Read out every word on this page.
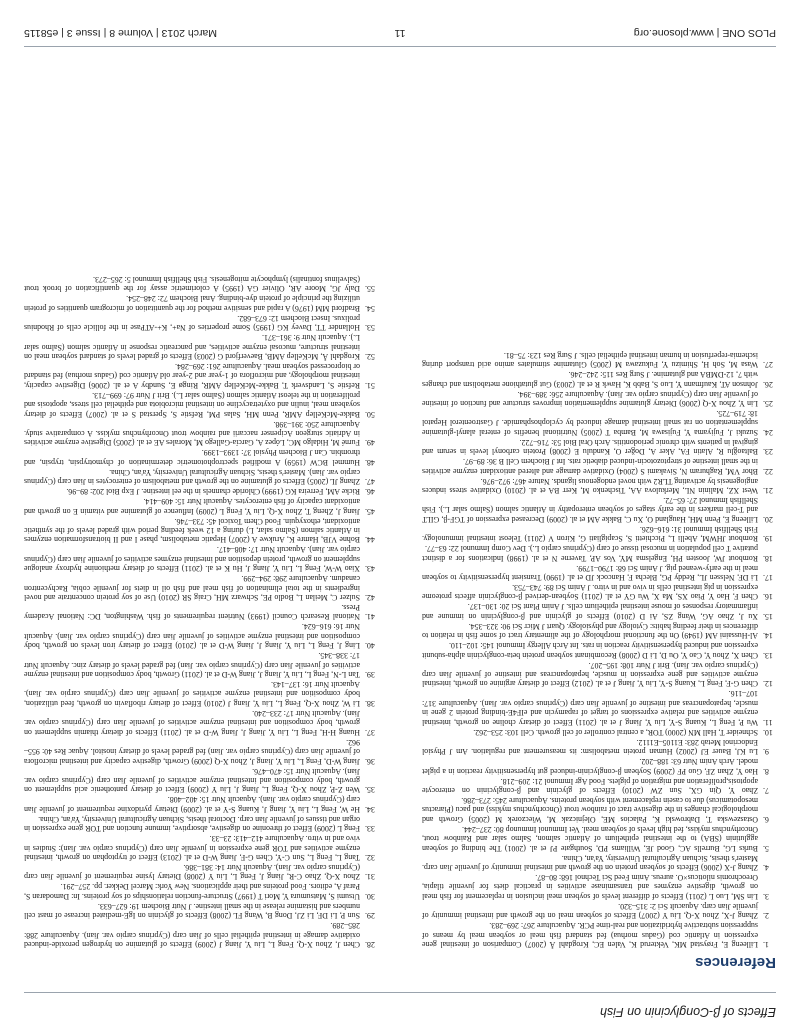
Effects of β-Conglycinin on Fish
References
1.
Lilleeng E, Frøystad MK, Vekterud K, Valen EC, Krogdahl Å (2007) Comparison of intestinal gene expression in Atlantic cod (Gadus morhua) fed standard fish meal or soybean meal by means of suppression subtractive hybridization and real-time PCR. Aquaculture 267: 269–283.
2.
Zhang J-X, Zhou X-Q, Liu Y (2007) Effects of soybean meal on the growth and intestinal immunity of juvenile Jian carp. Aquacult Sci 2: 315–320.
3.
Lin SM, Luo L (2011) Effects of different levels of soybean meal inclusion in replacement for fish meal on growth, digestive enzymes and transaminase activities in practical diets for juvenile tilapia, Oreochromis niloticus×O. aureus. Anim Feed Sci Technol 168: 80–87.
4.
Zhang J-X (2006) Effects of soybean protein on the growth and intestinal immunity of juvenile Jian carp. Master's thesis, Sichuan Agricultural University, Ya'an, China.
5.
Burks LG, Burrells AC, Good JE, Williams PD, Southgate PJ et al. (2001) The binding of soybean agglutinin (SBA) to the intestinal epithelium of Atlantic salmon, Salmo salar and Rainbow trout, Oncorhynchus mykiss, fed high levels of soybean meal. Vet Immunol Immunop 80: 237–244.
6.
Ostaszewska T, Dabrowski K, Palacios ME, Olejniczak M, Wieczorek M (2005) Growth and morphological changes in the digestive tract of rainbow trout (Oncorhynchus mykiss) and pacu (Piaractus mesopotamicus) due to casein replacement with soybean proteins. Aquaculture 245: 273–286.
7.
Zhao Y, Qin GX, Sun ZW (2010) Effects of glycinin and β-conglycinin on enterocyte apoptosis,proliferation and migration of piglets. Food Agr Immunol 21: 209–218.
8.
Hao Y, Zhan ZF, Guo PF (2009) Soybean β-conglycinin-induced gut hypersensitivity reaction in a piglet model. Arch Anim Nutr 63: 188–202.
9.
Lu KJ, Bauer EJ (2002) Human protein metabolism: its measurement and regulation. Am J Physiol Endocrinol Metab 283: E1105–E1112.
10.
Schneider T, Hall MN (2000) TOR, a central controller of cell growth. Cell 103: 253–262.
11.
Wu P, Feng L, Kuang S-Y, Liu Y, Jiang J et al. (2011) Effect of dietary choline on growth, intestinal enzyme activities and relative expressions of target of rapamycin and eIF4E-binding protein 2 gene in muscle, hepatopancreas and intestine of juvenile Jian carp (Cyprinus carpio var. Jian). Aquaculture 317: 107–116.
12.
Chen G-F, Feng L, Kuang S-Y, Liu Y, Jiang J et al. (2012) Effect of dietary arginine on growth, intestinal enzyme activities and gene expression in muscle, hepatopancreas and intestine of juvenile Jian carp (Cyprinus carpio var. Jian). Brit J Nutr 108: 195–207.
13.
Chen X, Zhou Y, Cao Y, Ou D, Li D (2008) Recombinant soybean protein beta-conglycinin alpha-subunit expression and induced hypersensitivity reaction in rats. Int Arch Allergy Immunol 145: 102–110.
14.
Al-Hussaini AM (1949) On the functional morphology of the alimentary tract of some fish in relation to differences in their feeding habits: Cytology and physiology. Quart J Micr Sci 90: 323–354.
15.
Xu J, Zhao AG, Wang ZS, Ai D (2010) Effects of glycinin and β-conglycinin on immune and inflammatory responses of mouse intestinal epithelium cells. J Anim Plant Sci 20: 130–137.
16.
Chen F, Hao Y, Piao XS, Ma X, Wu GY et al. (2011) Soybean-derived β-conglycinin affects proteome expression in pig intestinal cells in vivo and in vitro. J Anim Sci 89: 743–753.
17.
Li DF, Nelssen JL, Reddy PG, Blecha F, Hancock JD et al. (1990) Transient hypersensitivity to soybean meal in the early-weaned pig. J Anim Sci 68: 1790–1799.
18.
Rombout JW, Joosten PH, Engelsma MY, Vos AP, Taverne N et al. (1998) Indications for a distinct putative T cell population in mucosal tissue of carp (Cyprinus carpio L.). Dev Comp Immunol 22: 63–77.
19.
Rombout JHWM, Abelli L, Picchietti S, Scapigliati G, Kiron V (2011) Teleost intestinal immunology. Fish Shellfish Immunol 31: 616–626.
20.
Lilleeng E, Penn MH, Haugland O, Xu C, Bakke AM et al. (2009) Decreased expression of TGF-β, GILT and T-cell markers in the early stages of soybean enteropathy in Atlantic salmon (Salmo salar L.). Fish Shellfish Immunol 27: 65–72.
21.
West XZ, Malinin NL, Merkulova AA, Tischenko M, Kerr BA et al. (2010) Oxidative stress induces angiogenesis by activating TLR2 with novel endogenous ligands. Nature 467: 972–976.
22.
Bhor VM, Raghuram N, Sivakami S (2004) Oxidative damage and altered antioxidant enzyme activities in the small intestine of streptozotocin-induced diabetic rats. Int J Biochem Cell B 36: 89–97.
23.
Baltaoğlu R, Alatin FA, Aker A, Doğer O, Kandulu E (2008) Protein carbonyl levels in serum and gingival in patients with chronic periodontitis. Arch Oral Biol 53: 716–722.
24.
Suzuki J, Fujiyama Y, Fujisawa M, Bamba T (2005) Nutritional benefits of enteral alanyl-glutamine supplementation on rat small intestinal damage induced by cyclophosphamide. J Gastroenterol Hepatol 18: 719–725.
25.
Lin Y, Zhou X-Q (2006) Dietary glutamine supplementation improves structure and function of intestine of juvenile Jian carp (Cyprinus carpio var. Jian). Aquaculture 256: 389–394.
26.
Johnson AT, Kaufmann Y, Luo S, Babb K, Hawk R et al. (2003) Gut glutathione metabolism and changes with 7, 12-DMBA and glutamine. J Surg Res 115: 242–246.
27.
Wasa M, Soh H, Shimizu Y, Fukuzawa M (2005) Glutamine stimulates amino acid transport during ischemia-reperfusion in human intestinal epithelial cells. J Surg Res 123: 75–81.
28.
Chen J, Zhou X-Q, Feng L, Liu Y, Jiang J (2009) Effects of glutamine on hydrogen peroxide-induced oxidative damage in intestinal epithelial cells of Jian carp (Cyprinus carpio var. Jian). Aquaculture 288: 285–289.
29.
Sun P, Li DF, Li ZJ, Dong B, Wang FL (2008) Effects of glycinin on IgE-mediated increase of mast cell numbers and histamine release in the small intestine. J Nutr Biochem 19: 627–633.
30.
Utsumi S, Matsumura Y, Mori T (1997) Structure-function relationships of soy proteins. In: Damodaran S, Paraf A, editors. Food proteins and their applications. New York: Marcel Dekker. pp. 257–291.
31.
Zhou X-Q, Zhao C-R, Jiang J, Feng L, Liu Y (2008) Dietary lysine requirement of juvenile Jian carp (Cyprinus carpio var. Jian). Aquacult Nutr 14: 381–386.
32.
Tang L, Feng L, Sun C-Y, Chen G-F, Jiang W-D et al. (2013) Effect of tryptophan on growth, intestinal enzyme activities and TOR gene expression in juvenile Jian carp (Cyprinus carpio var. Jian): Studies in vivo and in vitro. Aquaculture 412–413: 23–33.
33.
Feng L (2009) Effect of threonine on digestive, absorptive, immune function and TOR gene expression in organ and tissues of juvenile Jian carp. Doctoral thesis, Sichuan Agricultural University, Ya'an, China.
34.
He W, Feng L, Liu Y, Jiang J, Kuang S-Y et al. (2009) Dietary pyridoxine requirement of juvenile Jian carp (Cyprinus carpio var. Jian). Aquacult Nutr 15: 402–408.
35.
Wen Z-P, Zhou X-Q, Feng L, Jiang J, Liu Y (2009) Effect of dietary pantothenic acid supplement on growth, body composition and intestinal enzyme activities of juvenile Jian carp (Cyprinus carpio var. Jian). Aquacult Nutr 15: 470–476.
36.
Jiang W-D, Feng L, Liu Y, Jiang J, Zhou X-Q (2009) Growth, digestive capacity and intestinal microflora of juvenile Jian carp (Cyprinus carpio var. Jian) fed graded levels of dietary inositol. Aquac Res 40: 955–962.
37.
Huang H-H, Feng L, Liu Y, Jiang J, Jiang W-D et al. (2011) Effects of dietary thiamin supplement on growth, body composition and intestinal enzyme activities of juvenile Jian carp (Cyprinus carpio var. Jian). Aquacult Nutr 17: 233–240.
38.
Li W, Zhou X-Q, Feng L, Liu Y, Jiang J (2010) Effect of dietary riboflavin on growth, feed utilization, body composition and intestinal enzyme activities of juvenile Jian carp (Cyprinus carpio var. Jian). Aquacult Nutr 16: 137–143.
39.
Tan L-N, Feng L, Liu Y, Jiang J, Jiang W-D et al. (2011) Growth, body composition and intestinal enzyme activities of juvenile Jian carp (Cyprinus carpio var. Jian) fed graded levels of dietary zinc. Aquacult Nutr 17: 338–345.
40.
Ling J, Feng L, Liu Y, Jiang J, Jiang W-D et al. (2010) Effect of dietary iron levels on growth, body composition and intestinal enzyme activities of juvenile Jian carp (Cyprinus carpio var. Jian). Aquacult Nutr 16: 616–624.
41.
National Research Council (1993) Nutrient requirements of fish. Washington, DC: National Academy Press.
42.
Sulzer C, Meilan L, Bodlo PE, Schwarz MH, Craig SR (2010) Use of soy protein concentrate and novel ingredients in the total elimination of fish meal and fish oil in diets for juvenile cobia, Rachycentron canadum. Aquaculture 298: 294–299.
43.
Xiao W-W, Feng L, Liu Y, Jiang J, Hu K et al. (2011) Effects of dietary methionine hydroxy analogue supplement on growth, protein deposition and intestinal enzymes activities of juvenile Jian carp (Cyprinus carpio var. Jian). Aquacult Nutr 17: 408–417.
44.
Bohne VJB, Hamre K, Arukwe A (2007) Hepatic metabolism, phase I and II biotransformation enzymes in Atlantic salmon (Salmo salar, L) during a 12 week feeding period with graded levels of the synthetic antioxidant, ethoxyquin. Food Chem Toxicol 45: 733–746.
45.
Jiang J, Zheng T, Zhou X-Q, Liu Y, Feng L (2009) Influence of glutamine and vitamin E on growth and antioxidant capacity of fish enterocytes. Aquacult Nutr 15: 409–414.
46.
Ricke AM, Ferreira KG (1999) Chloride channels in the eel intestine. J Exp Biol 202: 89–96.
47.
Zhang JL (2005) Effects of glutamine on the growth and metabolism of enterocytes in Jian carp (Cyprinus carpio var. Jian). Master's thesis, Sichuan Agricultural University, Ya'an, China.
48.
Hummel BCW (1959) A modified spectrophotometric determination of chymotrypsin, trypsin, and thrombin. Can J Biochem Physiol 37: 1393–1399.
49.
Furné M, Hidalgo MC, López A, García-Gallego M, Morales AE et al. (2005) Digestive enzyme activities in Adriatic sturgeon Acipenser naccarii and rainbow trout Oncorhynchus mykiss. A comparative study. Aquaculture 250: 391–398.
50.
Bakke-McKellep AMR, Penn MH, Salas PM, Refstie S, Sperstad S et al. (2007) Effects of dietary soyabean meal, inulin and oxytetracycline on intestinal microbiota and epithelial cell stress, apoptosis and proliferation in the teleost Atlantic salmon (Salmo salar L.). Brit J Nutr 97: 699–713.
51.
Refstie S, Landsverk T, Bakke-McKellep AMR, Ringø E, Sundby A et al. (2006) Digestive capacity, intestinal morphology, and microflora of 1-year and 2-year old Atlantic cod (Gadus morhua) fed standard or bioprocessed soybean meal. Aquaculture 261: 269–284.
52.
Krogdahl Å, McKellep AMB, Baeverfjord G (2003) Effects of graded levels of standard soybean meal on intestinal structure, mucosal enzyme activities, and pancreatic response in Atlantic salmon (Salmo salar L.). Aquacult Nutr 9: 361–371.
53.
Hollander TT, Davey KG (1995) Some properties of Na+, K+-ATPase in the follicle cells of Rhodnius prolixus. Insect Biochem 12: 673–682.
54.
Bradford MM (1976) A rapid and sensitive method for the quantitation of microgram quantities of protein utilizing the principle of protein dye-binding. Anal Biochem 72: 248–254.
55.
Daly JG, Moore AR, Olivier GA (1995) A colorimetric assay for the quantification of brook trout (Salvelinus fontinalis) lymphocyte mitogenesis. Fish Shellfish Immunol 5: 265–273.
PLOS ONE | www.plosone.org
11
March 2013 | Volume 8 | Issue 3 | e58115
